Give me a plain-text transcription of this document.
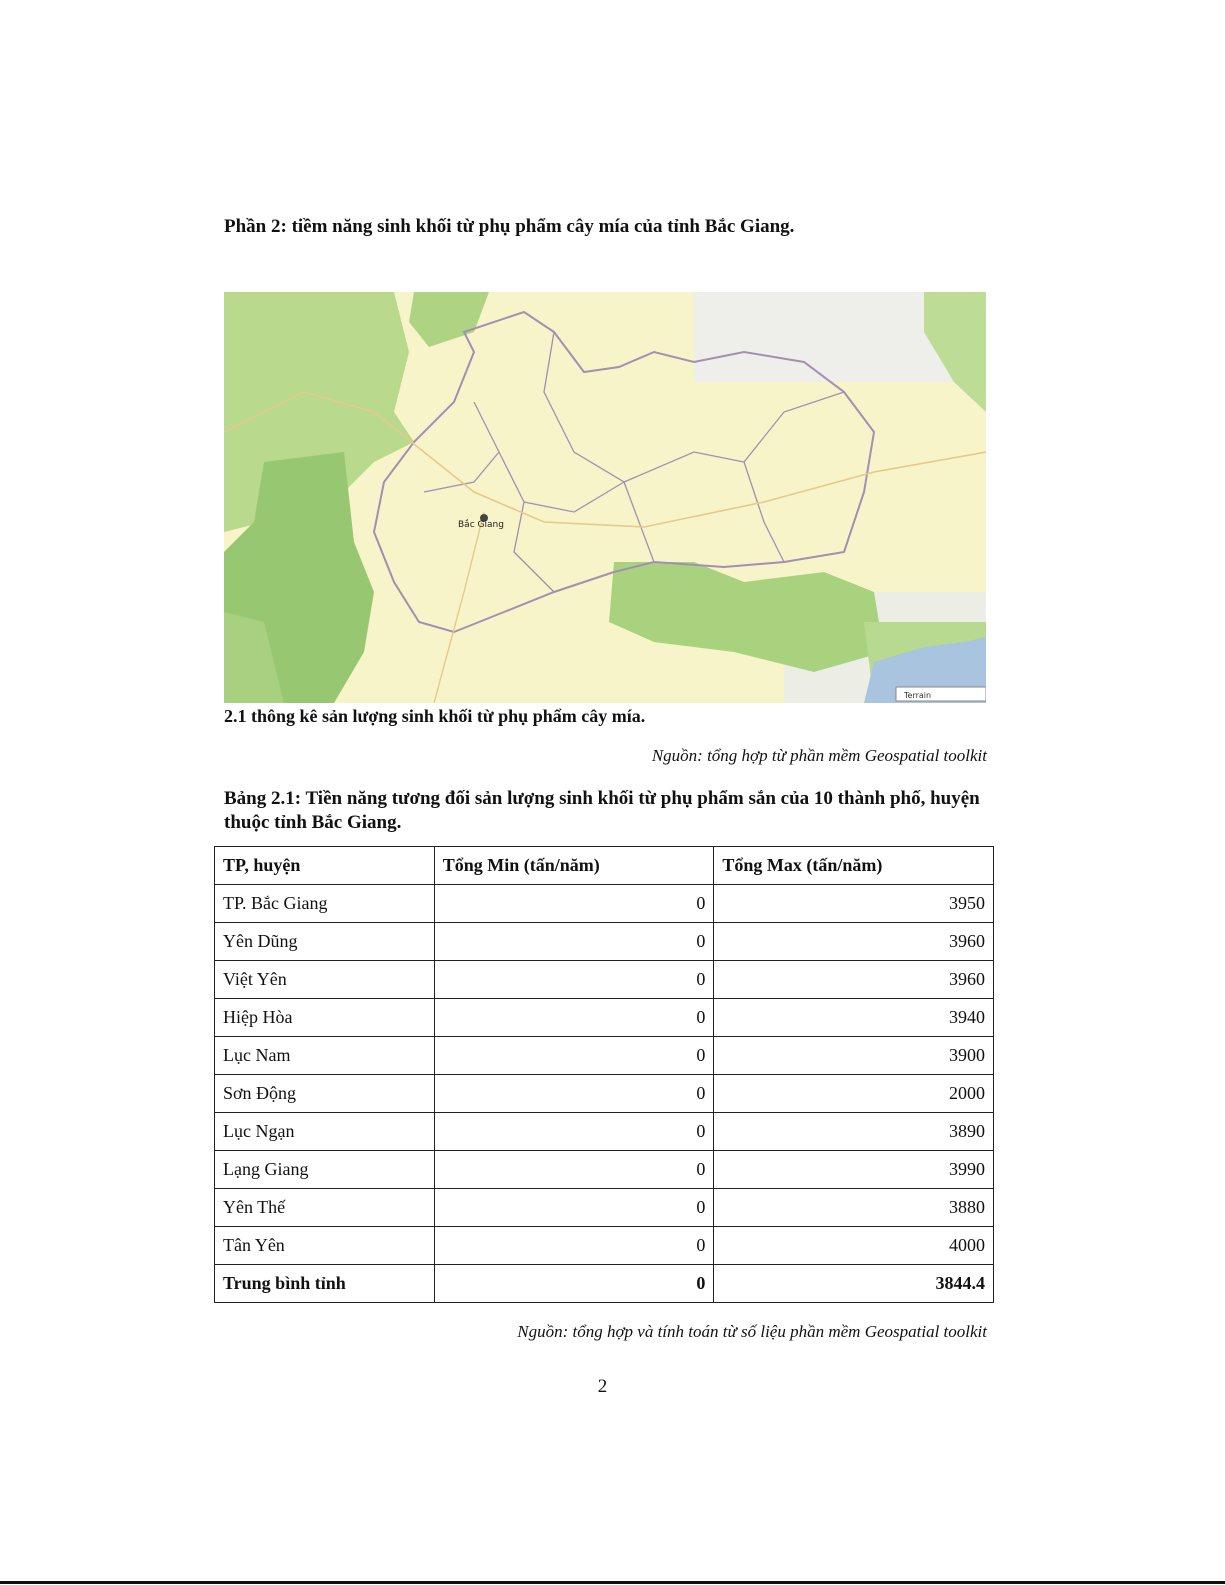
Phần 2: tiềm năng sinh khối từ phụ phẩm cây mía của tỉnh Bắc Giang.
Bắc Giang
Terrain
2.1 thông kê sản lượng sinh khối từ phụ phẩm cây mía.
Nguồn: tổng hợp từ phần mềm Geospatial toolkit
Bảng 2.1: Tiền năng tương đối sản lượng sinh khối từ phụ phẩm sắn của 10 thành phố, huyện thuộc tỉnh Bắc Giang.
TP, huyện	Tổng Min (tấn/năm)	Tổng Max (tấn/năm)
TP. Bắc Giang	0	3950
Yên Dũng	0	3960
Việt Yên	0	3960
Hiệp Hòa	0	3940
Lục Nam	0	3900
Sơn Động	0	2000
Lục Ngạn	0	3890
Lạng Giang	0	3990
Yên Thế	0	3880
Tân Yên	0	4000
Trung bình tỉnh	0	3844.4
Nguồn: tổng hợp và tính toán từ số liệu phần mềm Geospatial toolkit
2
